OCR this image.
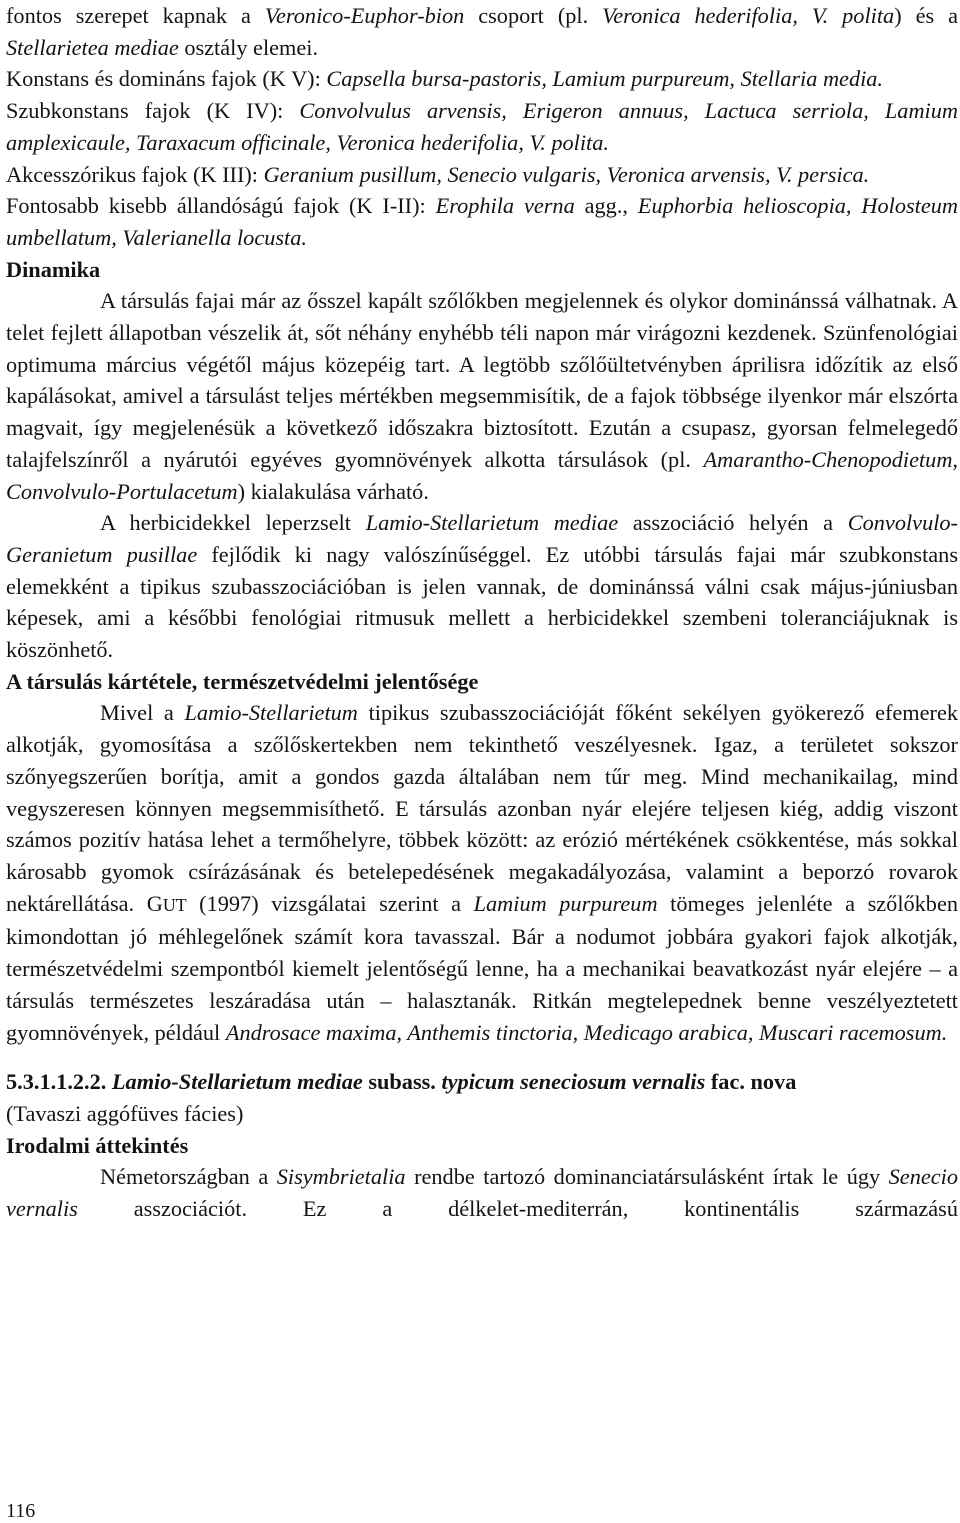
fontos szerepet kapnak a Veronico-Euphor-bion csoport (pl. Veronica hederifolia, V. polita) és a Stellarietea mediae osztály elemei.

Konstans és domináns fajok (K V): Capsella bursa-pastoris, Lamium purpureum, Stellaria media.

Szubkonstans fajok (K IV): Convolvulus arvensis, Erigeron annuus, Lactuca serriola, Lamium amplexicaule, Taraxacum officinale, Veronica hederifolia, V. polita.

Akcesszórikus fajok (K III): Geranium pusillum, Senecio vulgaris, Veronica arvensis, V. persica.

Fontosabb kisebb állandóságú fajok (K I-II): Erophila verna agg., Euphorbia helioscopia, Holosteum umbellatum, Valerianella locusta.

Dinamika

A társulás fajai már az ősszel kapált szőlőkben megjelennek és olykor dominánssá válhatnak. A telet fejlett állapotban vészelik át, sőt néhány enyhébb téli napon már virágozni kezdenek. Szünfenológiai optimuma március végétől május közepéig tart. A legtöbb szőlőültetvényben áprilisra időzítik az első kapálásokat, amivel a társulást teljes mértékben megsemmisítik, de a fajok többsége ilyenkor már elszórta magvait, így megjelenésük a következő időszakra biztosított. Ezután a csupasz, gyorsan felmelegedő talajfelszínről a nyárutói egyéves gyomnövények alkotta társulások (pl. Amarantho-Chenopodietum, Convolvulo-Portulacetum) kialakulása várható.

A herbicidekkel leperzselt Lamio-Stellarietum mediae asszociáció helyén a Convolvulo-Geranietum pusillae fejlődik ki nagy valószínűséggel. Ez utóbbi társulás fajai már szubkonstans elemekként a tipikus szubasszociációban is jelen vannak, de dominánssá válni csak május-júniusban képesek, ami a későbbi fenológiai ritmusuk mellett a herbicidekkel szembeni toleranciájuknak is köszönhető.

A társulás kártétele, természetvédelmi jelentősége

Mivel a Lamio-Stellarietum tipikus szubasszociációját főként sekélyen gyökerező efemerek alkotják, gyomosítása a szőlőskertekben nem tekinthető veszélyesnek. Igaz, a területet sokszor szőnyegszerűen borítja, amit a gondos gazda általában nem tűr meg. Mind mechanikailag, mind vegyszeresen könnyen megsemmisíthető. E társulás azonban nyár elejére teljesen kiég, addig viszont számos pozitív hatása lehet a termőhelyre, többek között: az erózió mértékének csökkentése, más sokkal károsabb gyomok csírázásának és betelepedésének megakadályozása, valamint a beporzó rovarok nektárellátása. GUT (1997) vizsgálatai szerint a Lamium purpureum tömeges jelenléte a szőlőkben kimondottan jó méhlegelőnek számít kora tavasszal. Bár a nodumot jobbára gyakori fajok alkotják, természetvédelmi szempontból kiemelt jelentőségű lenne, ha a mechanikai beavatkozást nyár elejére – a társulás természetes leszáradása után – halasztanák. Ritkán megtelepednek benne veszélyeztetett gyomnövények, például Androsace maxima, Anthemis tinctoria, Medicago arabica, Muscari racemosum.

5.3.1.1.2.2. Lamio-Stellarietum mediae subass. typicum seneciosum vernalis fac. nova

(Tavaszi aggófüves fácies)

Irodalmi áttekintés

Németországban a Sisymbrietalia rendbe tartozó dominanciatársulásként írtak le úgy Senecio vernalis asszociációt. Ez a délkelet-mediterrán, kontinentális származású

116
